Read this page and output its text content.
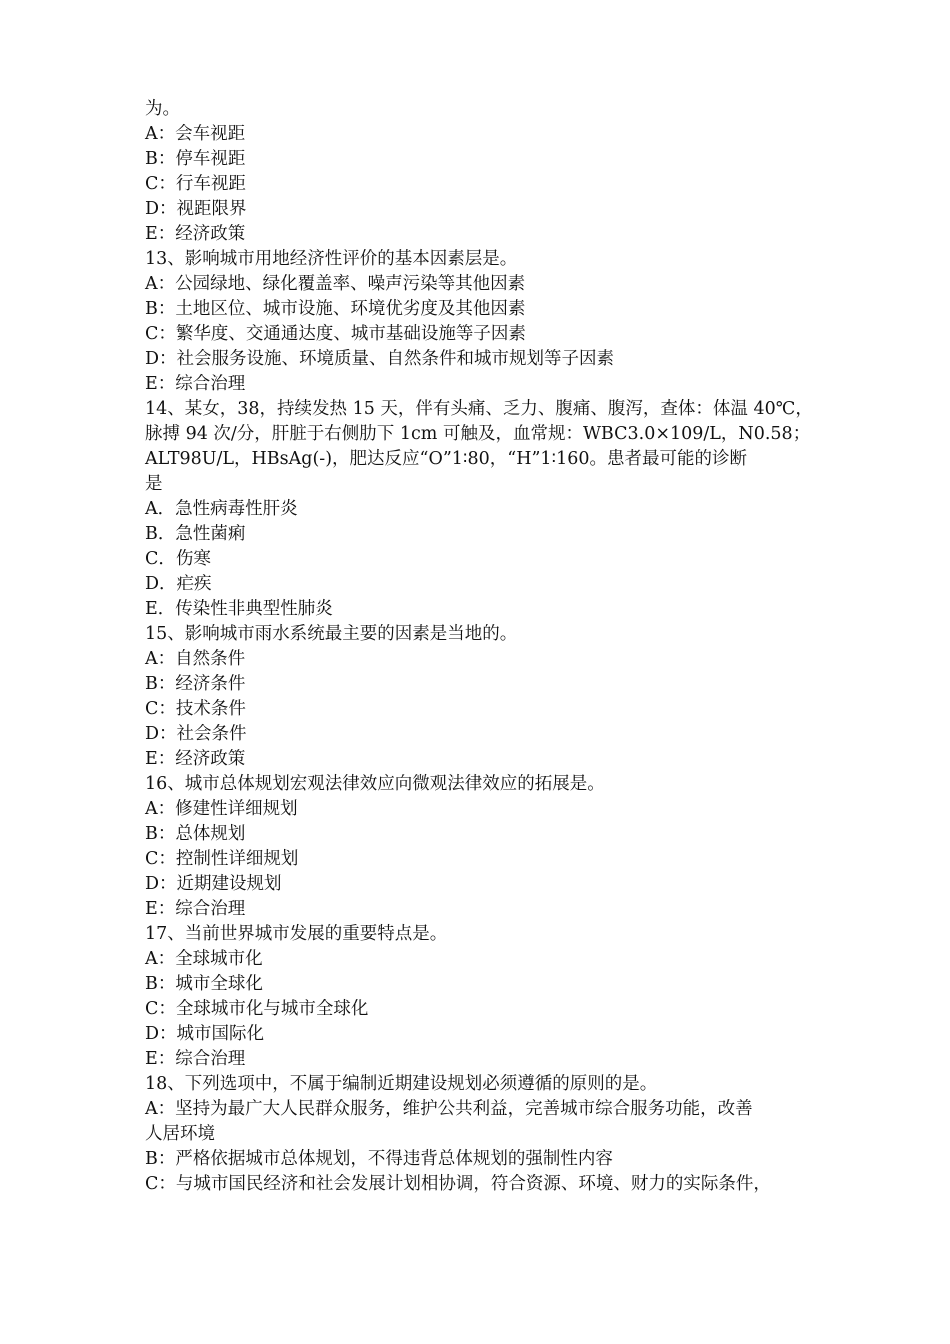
为。
A：会车视距
B：停车视距
C：行车视距
D：视距限界
E：经济政策
13、影响城市用地经济性评价的基本因素层是。
A：公园绿地、绿化覆盖率、噪声污染等其他因素
B：土地区位、城市设施、环境优劣度及其他因素
C：繁华度、交通通达度、城市基础设施等子因素
D：社会服务设施、环境质量、自然条件和城市规划等子因素
E：综合治理
14、某女，38，持续发热 15 天，伴有头痛、乏力、腹痛、腹泻，查体：体温 40℃，
脉搏 94 次/分，肝脏于右侧肋下 1cm 可触及，血常规：WBC3.0×109/L，N0.58；
ALT98U/L，HBsAg(-)，肥达反应“O”1∶80，“H”1∶160。患者最可能的诊断
是
A．急性病毒性肝炎
B．急性菌痢
C．伤寒
D．疟疾
E．传染性非典型性肺炎
15、影响城市雨水系统最主要的因素是当地的。
A：自然条件
B：经济条件
C：技术条件
D：社会条件
E：经济政策
16、城市总体规划宏观法律效应向微观法律效应的拓展是。
A：修建性详细规划
B：总体规划
C：控制性详细规划
D：近期建设规划
E：综合治理
17、当前世界城市发展的重要特点是。
A：全球城市化
B：城市全球化
C：全球城市化与城市全球化
D：城市国际化
E：综合治理
18、下列选项中，不属于编制近期建设规划必须遵循的原则的是。
A：坚持为最广大人民群众服务，维护公共利益，完善城市综合服务功能，改善
人居环境
B：严格依据城市总体规划，不得违背总体规划的强制性内容
C：与城市国民经济和社会发展计划相协调，符合资源、环境、财力的实际条件，
